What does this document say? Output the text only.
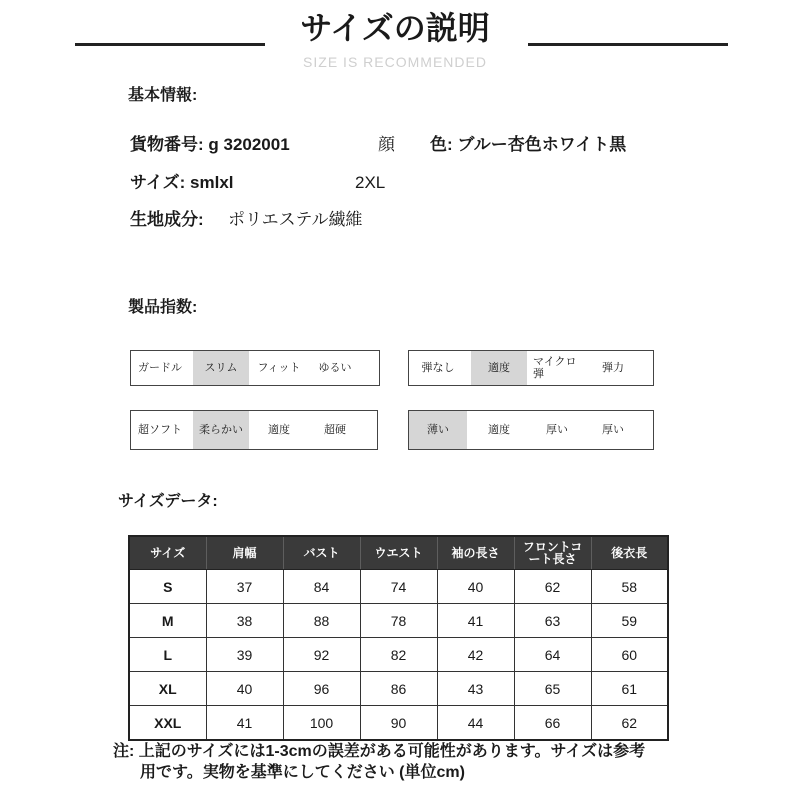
サイズの説明
SIZE IS RECOMMENDED
基本情報:
貨物番号: g 3202001	顔 色: ブルー杏色ホワイト黒
サイズ: smlxl	2XL
生地成分: ポリエステル繊維
製品指数:
ガードル スリム フィット ゆるい	弾なし	適度 マイクロ弾	弾力
超ソフト 柔らかい 適度	超硬	薄い	適度	厚い	厚い
サイズデータ:
サイズ	肩幅	バスト	ウエスト	袖の長さ	フロントコート長さ	後衣長
S	37	84	74	40	62	58
M	38	88	78	41	63	59
L	39	92	82	42	64	60
XL	40	96	86	43	65	61
XXL	41	100	90	44	66	62
注: 上記のサイズには1-3cmの誤差がある可能性があります。サイズは参考
用です。実物を基準にしてください (単位cm)
